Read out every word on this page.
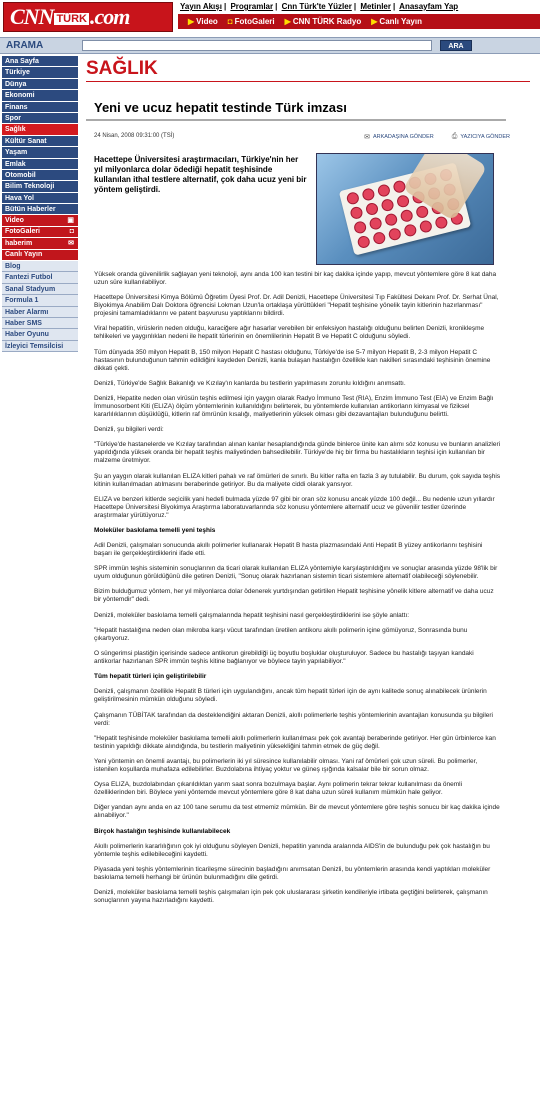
CNN TÜRK .com	Yayın Akışı | Programlar | Cnn Türk'te Yüzler | Metinler | Anasayfam Yap
▶ Video ◘ FotoGaleri ▶ CNN TÜRK Radyo ▶ Canlı Yayın
ARAMA	ARA
Ana Sayfa
Türkiye
Dünya
Ekonomi
Finans
Spor
Sağlık
Kültür Sanat
Yaşam
Emlak
Otomobil
Bilim Teknoloji
Hava Yol
Bütün Haberler
Video	▣
FotoGaleri	◘
haberim	✉
Canlı Yayın
Blog
Fantezi Futbol
Sanal Stadyum
Formula 1
Haber Alarmı
Haber SMS
Haber Oyunu
İzleyici Temsilcisi
SAĞLIK
Yeni ve ucuz hepatit testinde Türk imzası
24 Nisan, 2008 09:31:00 (TSİ)	✉ ARKADAŞINA GÖNDER	⎙ YAZICIYA GÖNDER
Hacettepe Üniversitesi araştırmacıları, Türkiye'nin her yıl milyonlarca dolar ödediği hepatit teşhisinde kullanılan ithal testlere alternatif, çok daha ucuz yeni bir yöntem geliştirdi.

Yüksek oranda güvenilirlik sağlayan yeni teknoloji, aynı anda 100 kan testini bir kaç dakika içinde yapıp, mevcut yöntemlere göre 8 kat daha uzun süre kullanılabiliyor.

Hacettepe Üniversitesi Kimya Bölümü Öğretim Üyesi Prof. Dr. Adil Denizli, Hacettepe Üniversitesi Tıp Fakültesi Dekanı Prof. Dr. Serhat Ünal, Biyokimya Anabilim Dalı Doktora öğrencisi Lokman Uzun'la ortaklaşa yürüttükleri "Hepatit teşhisine yönelik tayin kitlerinin hazırlanması" projesini tamamladıklarını ve patent başvurusu yaptıklarını bildirdi.

Viral hepatitin, virüslerin neden olduğu, karaciğere ağır hasarlar verebilen bir enfeksiyon hastalığı olduğunu belirten Denizli, kronikleşme tehlikeleri ve yaygınlıkları nedeni ile hepatit türlerinin en önemlilerinin Hepatit B ve Hepatit C olduğunu söyledi.

Tüm dünyada 350 milyon Hepatit B, 150 milyon Hepatit C hastası olduğunu, Türkiye'de ise 5-7 milyon Hepatit B, 2-3 milyon Hepatit C hastasının bulunduğunun tahmin edildiğini kaydeden Denizli, kanla bulaşan hastalığın özellikle kan nakilleri sırasındaki teşhisinin önemine dikkati çekti.

Denizli, Türkiye'de Sağlık Bakanlığı ve Kızılay'ın kanlarda bu testlerin yapılmasını zorunlu kıldığını anımsattı.

Denizli, Hepatite neden olan virüsün teşhis edilmesi için yaygın olarak Radyo İmmuno Test (RIA), Enzim İmmuno Test (EIA) ve Enzim Bağlı İmmunosorbent Kiti (ELIZA) ölçüm yöntemlerinin kullanıldığını belirterek, bu yöntemlerde kullanılan antikorların kimyasal ve fiziksel kararlılıklarının düşüklüğü, kitlerin raf ömrünün kısalığı, maliyetlerinin yüksek olması gibi dezavantajları bulunduğunu belirtti.

Denizli, şu bilgileri verdi:

"Türkiye'de hastanelerde ve Kızılay tarafından alınan kanlar hesaplandığında günde binlerce ünite kan alımı söz konusu ve bunların analizleri yapıldığında yüksek oranda bir hepatit teşhis maliyetinden bahsedilebilir. Türkiye'de hiç bir firma bu hastalıkların teşhisi için kullanılan bir malzeme üretmiyor.

Şu an yaygın olarak kullanılan ELIZA kitleri pahalı ve raf ömürleri de sınırlı. Bu kitler rafta en fazla 3 ay tutulabilir. Bu durum, çok sayıda teşhis kitinin kullanılmadan atılmasını beraberinde getiriyor. Bu da maliyete ciddi olarak yansıyor.

ELIZA ve benzeri kitlerde seçicilik yani hedefi bulmada yüzde 97 gibi bir oran söz konusu ancak yüzde 100 değil... Bu nedenle uzun yıllardır Hacettepe Üniversitesi Biyokimya Araştırma laboratuvarlarında söz konusu yöntemlere alternatif ucuz ve güvenilir testler üzerinde araştırmalar yürütüyoruz."

Moleküler baskılama temelli yeni teşhis

Adil Denizli, çalışmaları sonucunda akıllı polimerler kullanarak Hepatit B hasta plazmasındaki Anti Hepatit B yüzey antikorlarını teşhisini başarı ile gerçekleştirdiklerini ifade etti.

SPR immün teşhis sisteminin sonuçlarının da ticari olarak kullanılan ELIZA yöntemiyle karşılaştırıldığını ve sonuçlar arasında yüzde 98'lik bir uyum olduğunun görüldüğünü dile getiren Denizli, "Sonuç olarak hazırlanan sistemin ticari sistemlere alternatif olabileceği söylenebilir.

Bizim bulduğumuz yöntem, her yıl milyonlarca dolar ödenerek yurtdışından getirtilen Hepatit teşhisine yönelik kitlere alternatif ve daha ucuz bir yöntemdir" dedi.

Denizli, moleküler baskılama temelli çalışmalarında hepatit teşhisini nasıl gerçekleştirdiklerini ise şöyle anlattı:

"Hepatit hastalığına neden olan mikroba karşı vücut tarafından üretilen antikoru akıllı polimerin içine gömüyoruz, Sonrasında bunu çıkartıyoruz.

O süngerimsi plastiğin içerisinde sadece antikorun girebildiği üç boyutlu boşluklar oluşturuluyor. Sadece bu hastalığı taşıyan kandaki antikorlar hazırlanan SPR immün teşhis kitine bağlanıyor ve böylece tayin yapılabiliyor."

Tüm hepatit türleri için geliştirilebilir

Denizli, çalışmanın özellikle Hepatit B türleri için uygulandığını, ancak tüm hepatit türleri için de aynı kalitede sonuç alınabilecek ürünlerin geliştirilmesinin mümkün olduğunu söyledi.

Çalışmanın TÜBİTAK tarafından da desteklendiğini aktaran Denizli, akıllı polimerlerle teşhis yöntemlerinin avantajları konusunda şu bilgileri verdi:

"Hepatit teşhisinde moleküler baskılama temelli akıllı polimerlerin kullanılması pek çok avantajı beraberinde getiriyor. Her gün ürbinlerce kan testinin yapıldığı dikkate alındığında, bu testlerin maliyetinin yüksekliğini tahmin etmek de güç değil.

Yeni yöntemin en önemli avantajı, bu polimerlerin iki yıl süresince kullanılabilir olması. Yani raf ömürleri çok uzun süreli. Bu polimerler, istenilen koşullarda muhafaza edilebilirler. Buzdolabına ihtiyaç yoktur ve güneş ışığında kalsalar bile bir sorun olmaz.

Oysa ELIZA, buzdolabından çıkarıldıktan yarım saat sonra bozulmaya başlar. Aynı polimerin tekrar tekrar kullanılması da önemli özelliklerinden biri. Böylece yeni yöntemde mevcut yöntemlere göre 8 kat daha uzun süreli kullanım mümkün hale geliyor.

Diğer yandan aynı anda en az 100 tane serumu da test etmemiz mümkün. Bir de mevcut yöntemlere göre teşhis sonucu bir kaç dakika içinde alınabiliyor."

Birçok hastalığın teşhisinde kullanılabilecek

Akıllı polimerlerin kararlılığının çok iyi olduğunu söyleyen Denizli, hepatitin yanında aralarında AIDS'in de bulunduğu pek çok hastalığın bu yöntemle teşhis edilebileceğini kaydetti.

Piyasada yeni teşhis yöntemlerinin ticarileşme sürecinin başladığını anımsatan Denizli, bu yöntemlerin arasında kendi yaptıkları moleküler baskılama temelli herhangi bir ürünün bulunmadığını dile getirdi.

Denizli, moleküler baskılama temelli teşhis çalışmaları için pek çok uluslararası şirketin kendileriyle irtibata geçtiğini belirterek, çalışmanın sonuçlarının yayına hazırladığını kaydetti.
